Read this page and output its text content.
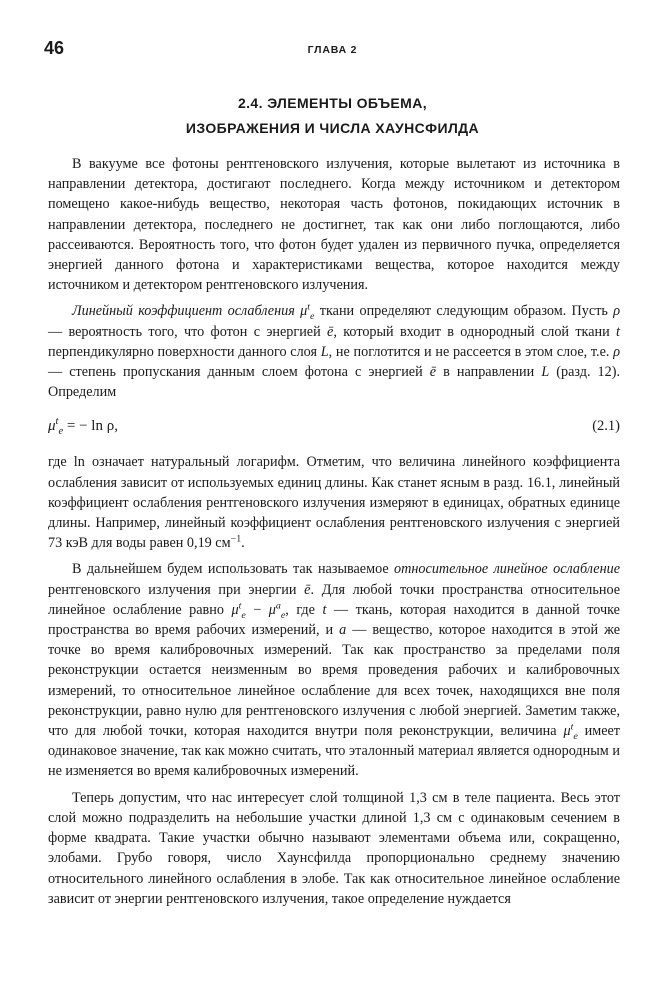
46	ГЛАВА 2
2.4. ЭЛЕМЕНТЫ ОБЪЕМА,
ИЗОБРАЖЕНИЯ И ЧИСЛА ХАУНСФИЛДА

В вакууме все фотоны рентгеновского излучения, которые вылетают из источника в направлении детектора, достигают последнего. Когда между источником и детектором помещено какое-нибудь вещество, некоторая часть фотонов, покидающих источник в направлении детектора, последнего не достигнет, так как они либо поглощаются, либо рассеиваются. Вероятность того, что фотон будет удален из первичного пучка, определяется энергией данного фотона и характеристиками вещества, которое находится между источником и детектором рентгеновского излучения.

Линейный коэффициент ослабления $\mu^t_e$ ткани определяют следующим образом. Пусть ρ — вероятность того, что фотон с энергией ē, который входит в однородный слой ткани t перпендикулярно поверхности данного слоя L, не поглотится и не рассеется в этом слое, т.е. ρ — степень пропускания данным слоем фотона с энергией ē в направлении L (разд. 12). Определим

$\mu^t_e$ = − ln ρ,	(2.1)

где ln означает натуральный логарифм. Отметим, что величина линейного коэффициента ослабления зависит от используемых единиц длины. Как станет ясным в разд. 16.1, линейный коэффициент ослабления рентгеновского излучения измеряют в единицах, обратных единице длины. Например, линейный коэффициент ослабления рентгеновского излучения с энергией 73 кэВ для воды равен 0,19 $см^{-1}$.

В дальнейшем будем использовать так называемое относительное линейное ослабление рентгеновского излучения при энергии ē. Для любой точки пространства относительное линейное ослабление равно $\mu^t_e - \mu^a_e$, где t — ткань, которая находится в данной точке пространства во время рабочих измерений, и a — вещество, которое находится в этой же точке во время калибровочных измерений. Так как пространство за пределами поля реконструкции остается неизменным во время проведения рабочих и калибровочных измерений, то относительное линейное ослабление для всех точек, находящихся вне поля реконструкции, равно нулю для рентгеновского излучения с любой энергией. Заметим также, что для любой точки, которая находится внутри поля реконструкции, величина $\mu^t_e$ имеет одинаковое значение, так как можно считать, что эталонный материал является однородным и не изменяется во время калибровочных измерений.

Теперь допустим, что нас интересует слой толщиной 1,3 см в теле пациента. Весь этот слой можно подразделить на небольшие участки длиной 1,3 см с одинаковым сечением в форме квадрата. Такие участки обычно называют элементами объема или, сокращенно, элобами. Грубо говоря, число Хаунсфилда пропорционально среднему значению относительного линейного ослабления в элобе. Так как относительное линейное ослабление зависит от энергии рентгеновского излучения, такое определение нуждается
